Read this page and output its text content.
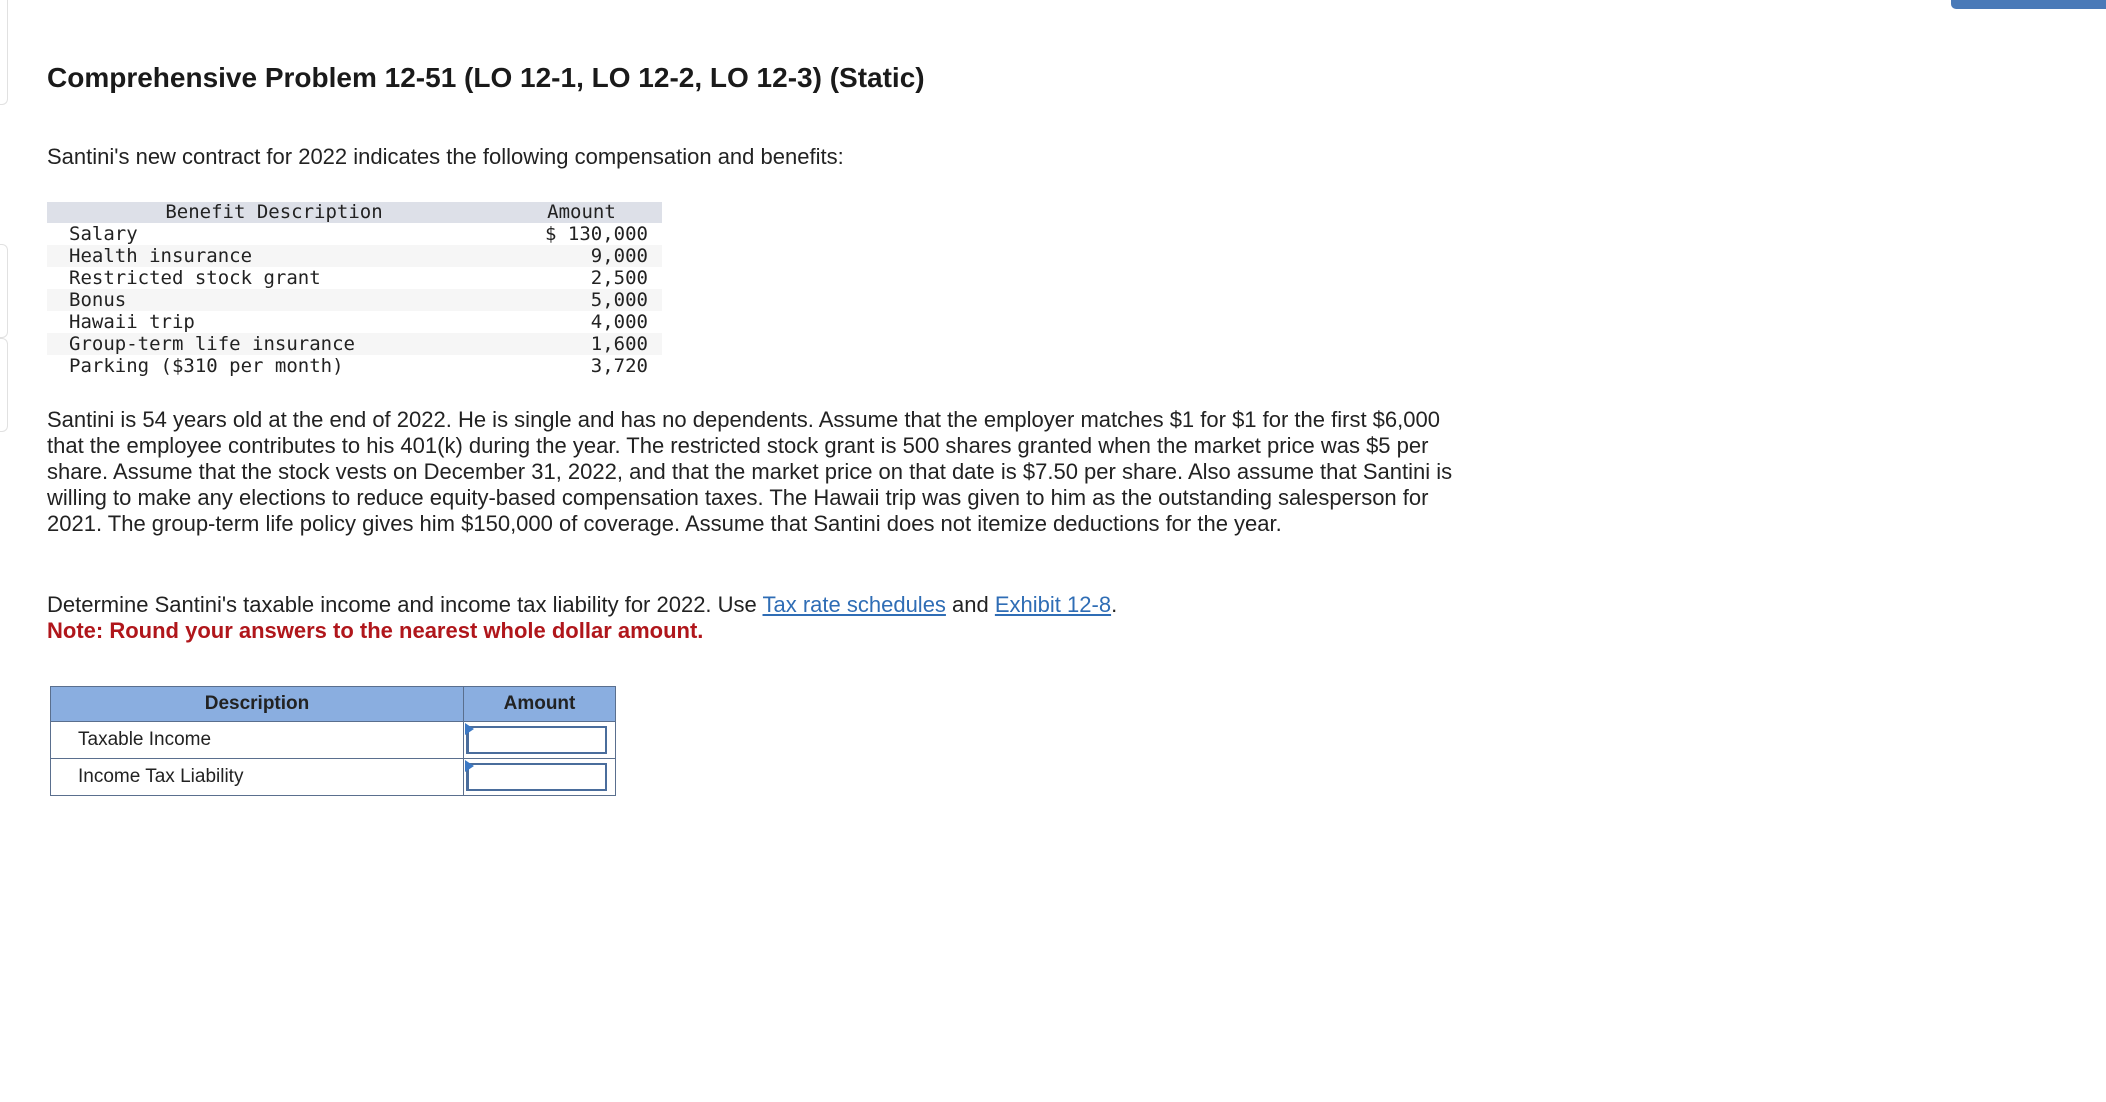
Comprehensive Problem 12-51 (LO 12-1, LO 12-2, LO 12-3) (Static)

Santini's new contract for 2022 indicates the following compensation and benefits:

Benefit Description	Amount
Salary	$ 130,000
Health insurance	9,000
Restricted stock grant	2,500
Bonus	5,000
Hawaii trip	4,000
Group-term life insurance	1,600
Parking ($310 per month)	3,720

Santini is 54 years old at the end of 2022. He is single and has no dependents. Assume that the employer matches $1 for $1 for the first $6,000 that the employee contributes to his 401(k) during the year. The restricted stock grant is 500 shares granted when the market price was $5 per share. Assume that the stock vests on December 31, 2022, and that the market price on that date is $7.50 per share. Also assume that Santini is willing to make any elections to reduce equity-based compensation taxes. The Hawaii trip was given to him as the outstanding salesperson for 2021. The group-term life policy gives him $150,000 of coverage. Assume that Santini does not itemize deductions for the year.

Determine Santini's taxable income and income tax liability for 2022. Use Tax rate schedules and Exhibit 12-8.

Note: Round your answers to the nearest whole dollar amount.

Description	Amount
Taxable Income	

Income Tax Liability	
